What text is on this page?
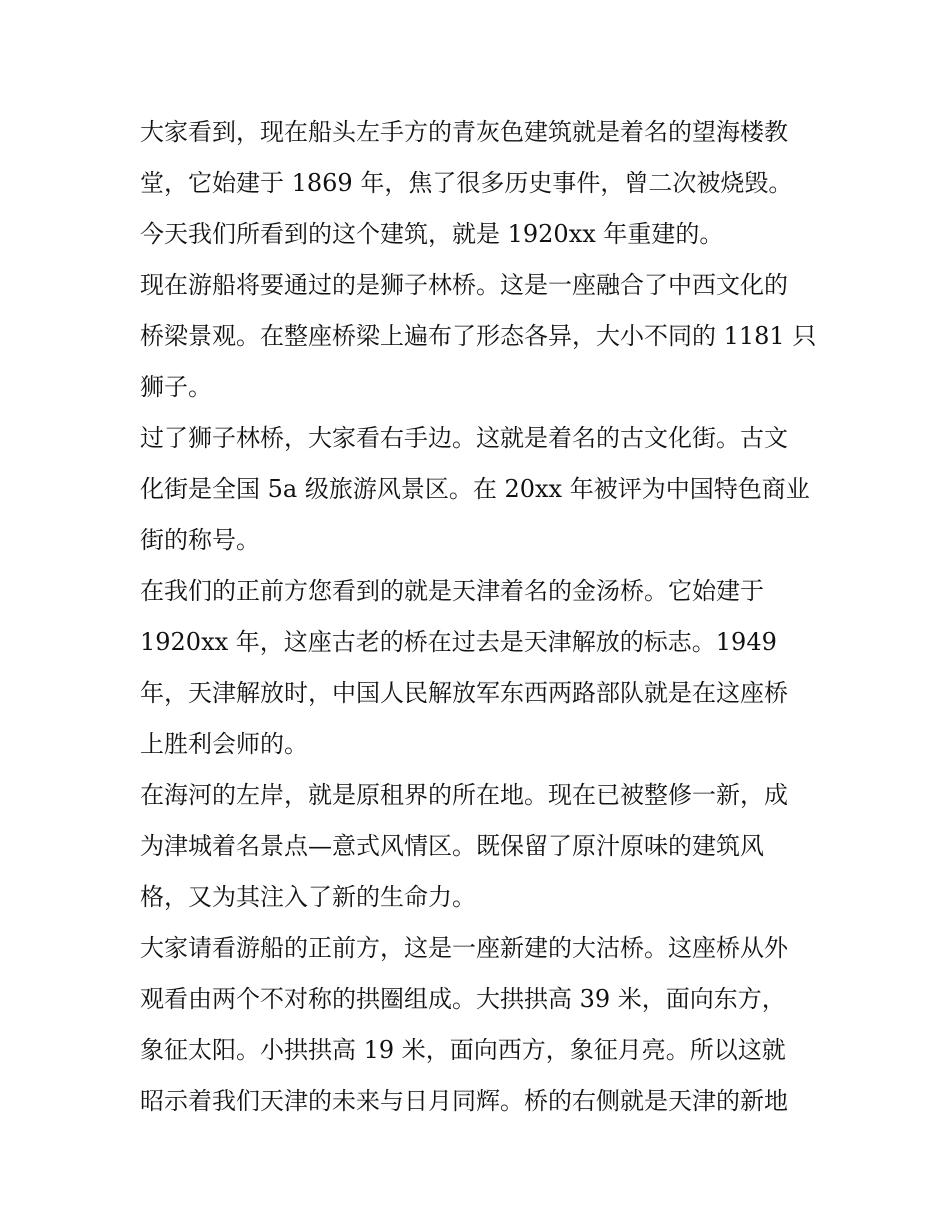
大家看到，现在船头左手方的青灰色建筑就是着名的望海楼教
堂，它始建于 1869 年，焦了很多历史事件，曾二次被烧毁。
今天我们所看到的这个建筑，就是 1920xx 年重建的。
现在游船将要通过的是狮子林桥。这是一座融合了中西文化的
桥梁景观。在整座桥梁上遍布了形态各异，大小不同的 1181 只
狮子。
过了狮子林桥，大家看右手边。这就是着名的古文化街。古文
化街是全国 5a 级旅游风景区。在 20xx 年被评为中国特色商业
街的称号。
在我们的正前方您看到的就是天津着名的金汤桥。它始建于
1920xx 年，这座古老的桥在过去是天津解放的标志。1949
年，天津解放时，中国人民解放军东西两路部队就是在这座桥
上胜利会师的。
在海河的左岸，就是原租界的所在地。现在已被整修一新，成
为津城着名景点—意式风情区。既保留了原汁原味的建筑风
格，又为其注入了新的生命力。
大家请看游船的正前方，这是一座新建的大沽桥。这座桥从外
观看由两个不对称的拱圈组成。大拱拱高 39 米，面向东方，
象征太阳。小拱拱高 19 米，面向西方，象征月亮。所以这就
昭示着我们天津的未来与日月同辉。桥的右侧就是天津的新地
